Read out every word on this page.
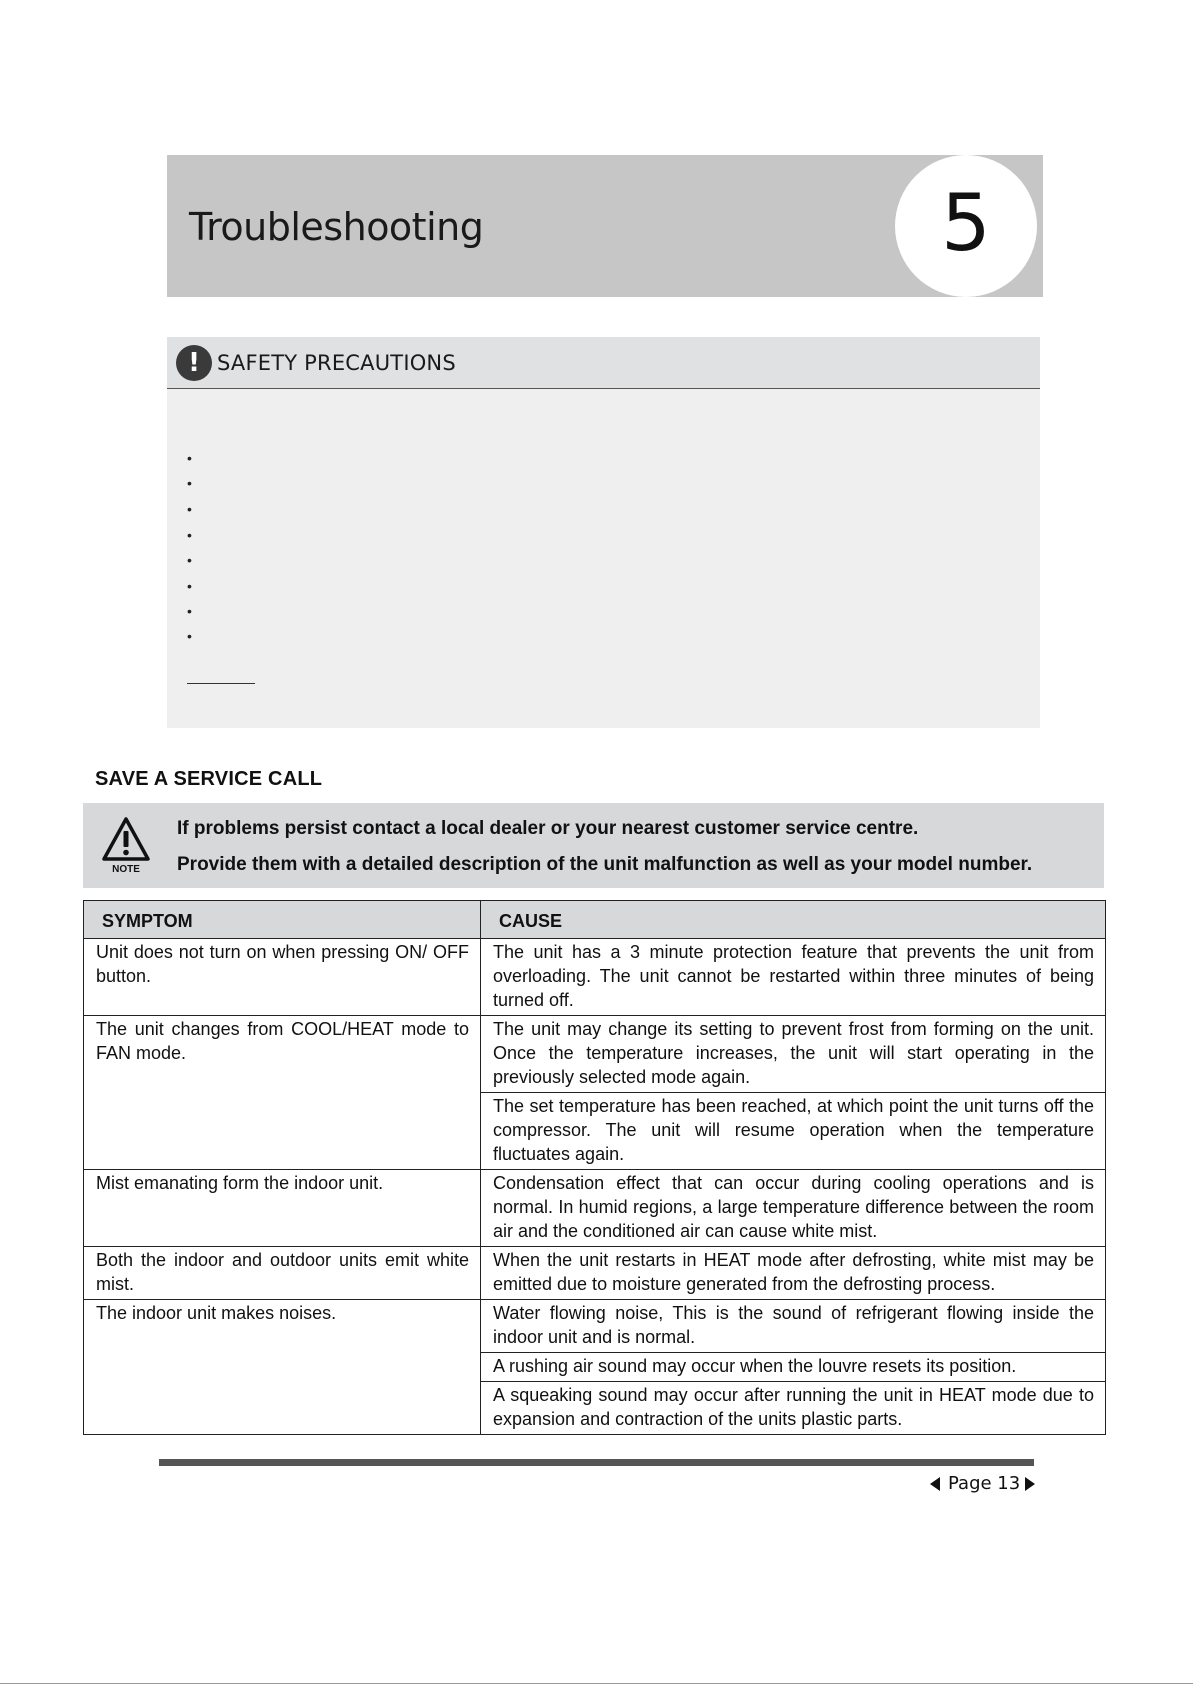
Troubleshooting	5
! SAFETY PRECAUTIONS
•
•
•
•
•
•
•
•
SAVE A SERVICE CALL
NOTE
If problems persist contact a local dealer or your nearest customer service centre.
Provide them with a detailed description of the unit malfunction as well as your model number.
SYMPTOM	CAUSE
Unit does not turn on when pressing ON/ OFF button.	The unit has a 3 minute protection feature that prevents the unit from overloading. The unit cannot be restarted within three minutes of being turned off.
The unit changes from COOL/HEAT mode to FAN mode.	The unit may change its setting to prevent frost from forming on the unit. Once the temperature increases, the unit will start operating in the previously selected mode again.
	The set temperature has been reached, at which point the unit turns off the compressor. The unit will resume operation when the temperature fluctuates again.
Mist emanating form the indoor unit.	Condensation effect that can occur during cooling operations and is normal. In humid regions, a large temperature difference between the room air and the conditioned air can cause white mist.
Both the indoor and outdoor units emit white mist.	When the unit restarts in HEAT mode after defrosting, white mist may be emitted due to moisture generated from the defrosting process.
The indoor unit makes noises.	Water flowing noise, This is the sound of refrigerant flowing inside the indoor unit and is normal.
	A rushing air sound may occur when the louvre resets its position.
	A squeaking sound may occur after running the unit in HEAT mode due to expansion and contraction of the units plastic parts.
Page 13
